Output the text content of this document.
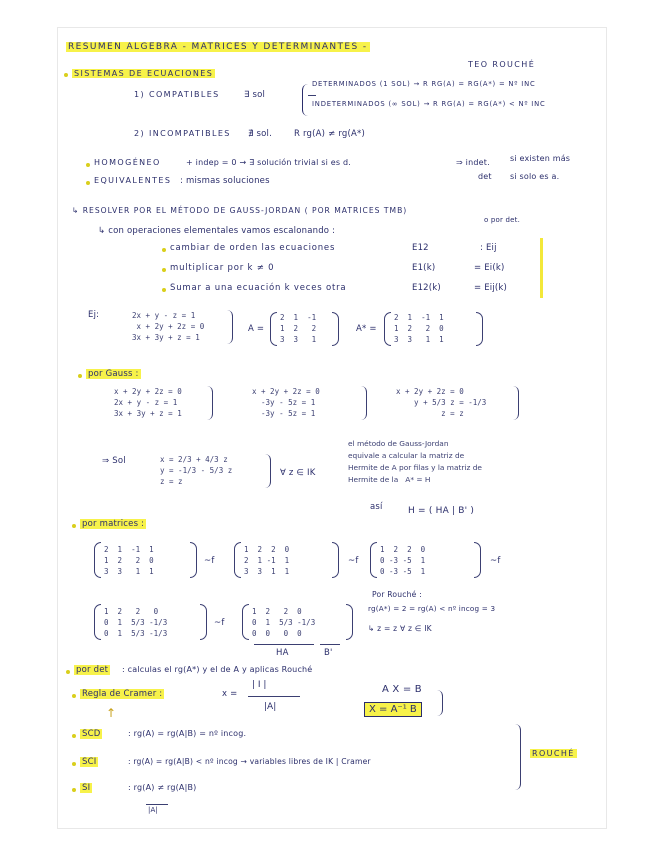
RESUMEN ALGEBRA - MATRICES Y DETERMINANTES -
TEO ROUCHÉ
SISTEMAS DE ECUACIONES
1) COMPATIBLES	∃ sol
DETERMINADOS (1 SOL) → R RG(A) = RG(A*) = Nº INC
INDETERMINADOS (∞ SOL) → R RG(A) = RG(A*) < Nº INC
2) INCOMPATIBLES ∄ sol.	R rg(A) ≠ rg(A*)
HOMOGÉNEO	+ indep = 0 → ∃ solución trivial si es d.	⇒ indet.	si existen más
det si solo es a.
EQUIVALENTES : mismas soluciones
↳ RESOLVER POR EL MÉTODO DE GAUSS-JORDAN ( POR MATRICES TMB)
o por det.
↳ con operaciones elementales vamos escalonando :
cambiar de orden las ecuaciones	E12	: Eij
multiplicar por k ≠ 0	E1(k)	= Ei(k)
Sumar a una ecuación k veces otra	E12(k)	= Eij(k)
Ej:	2x + y - z = 1
x + 2y + 2z = 0
3x + 3y + z = 1
A =
2  1  -1
1  2   2
3  3   1
A* =
2  1  -1  1
1  2   2  0
3  3   1  1
por Gauss :
x + 2y + 2z = 0
2x + y - z = 1
3x + 3y + z = 1
x + 2y + 2z = 0
-3y - 5z = 1
-3y - 5z = 1
x + 2y + 2z = 0
y + 5/3 z = -1/3
z = z
⇒ Sol	x = 2/3 + 4/3 z
y = -1/3 - 5/3 z
z = z
∀ z ∈ IK
el método de Gauss-Jordan
equivale a calcular la matriz de
Hermite de A por filas y la matriz de
Hermite de la   A* = H
así	H = ( HA | B' )
por matrices :
2  1  -1  1
1  2   2  0
3  3   1  1
~f
1  2  2  0
2  1 -1  1
3  3  1  1
~f
1  2  2  0
0 -3 -5  1
0 -3 -5  1
~f
1  2   2   0
0  1  5/3 -1/3
0  1  5/3 -1/3
~f
1  2   2  0
0  1  5/3 -1/3
0  0   0  0
HA	B'
Por Rouché :
rg(A*) = 2 = rg(A) < nº incog = 3
↳ z = z ∀ z ∈ IK
por det : calculas el rg(A*) y el de A y aplicas Rouché
Regla de Cramer :	x =
| I |
|A|
↑
A X = B
X = A⁻¹ B
SCD	: rg(A) = rg(A|B) = nº incog.
SCI	: rg(A) = rg(A|B) < nº incog → variables libres de IK | Cramer
SI	: rg(A) ≠ rg(A|B)
ROUCHÉ
|A|
